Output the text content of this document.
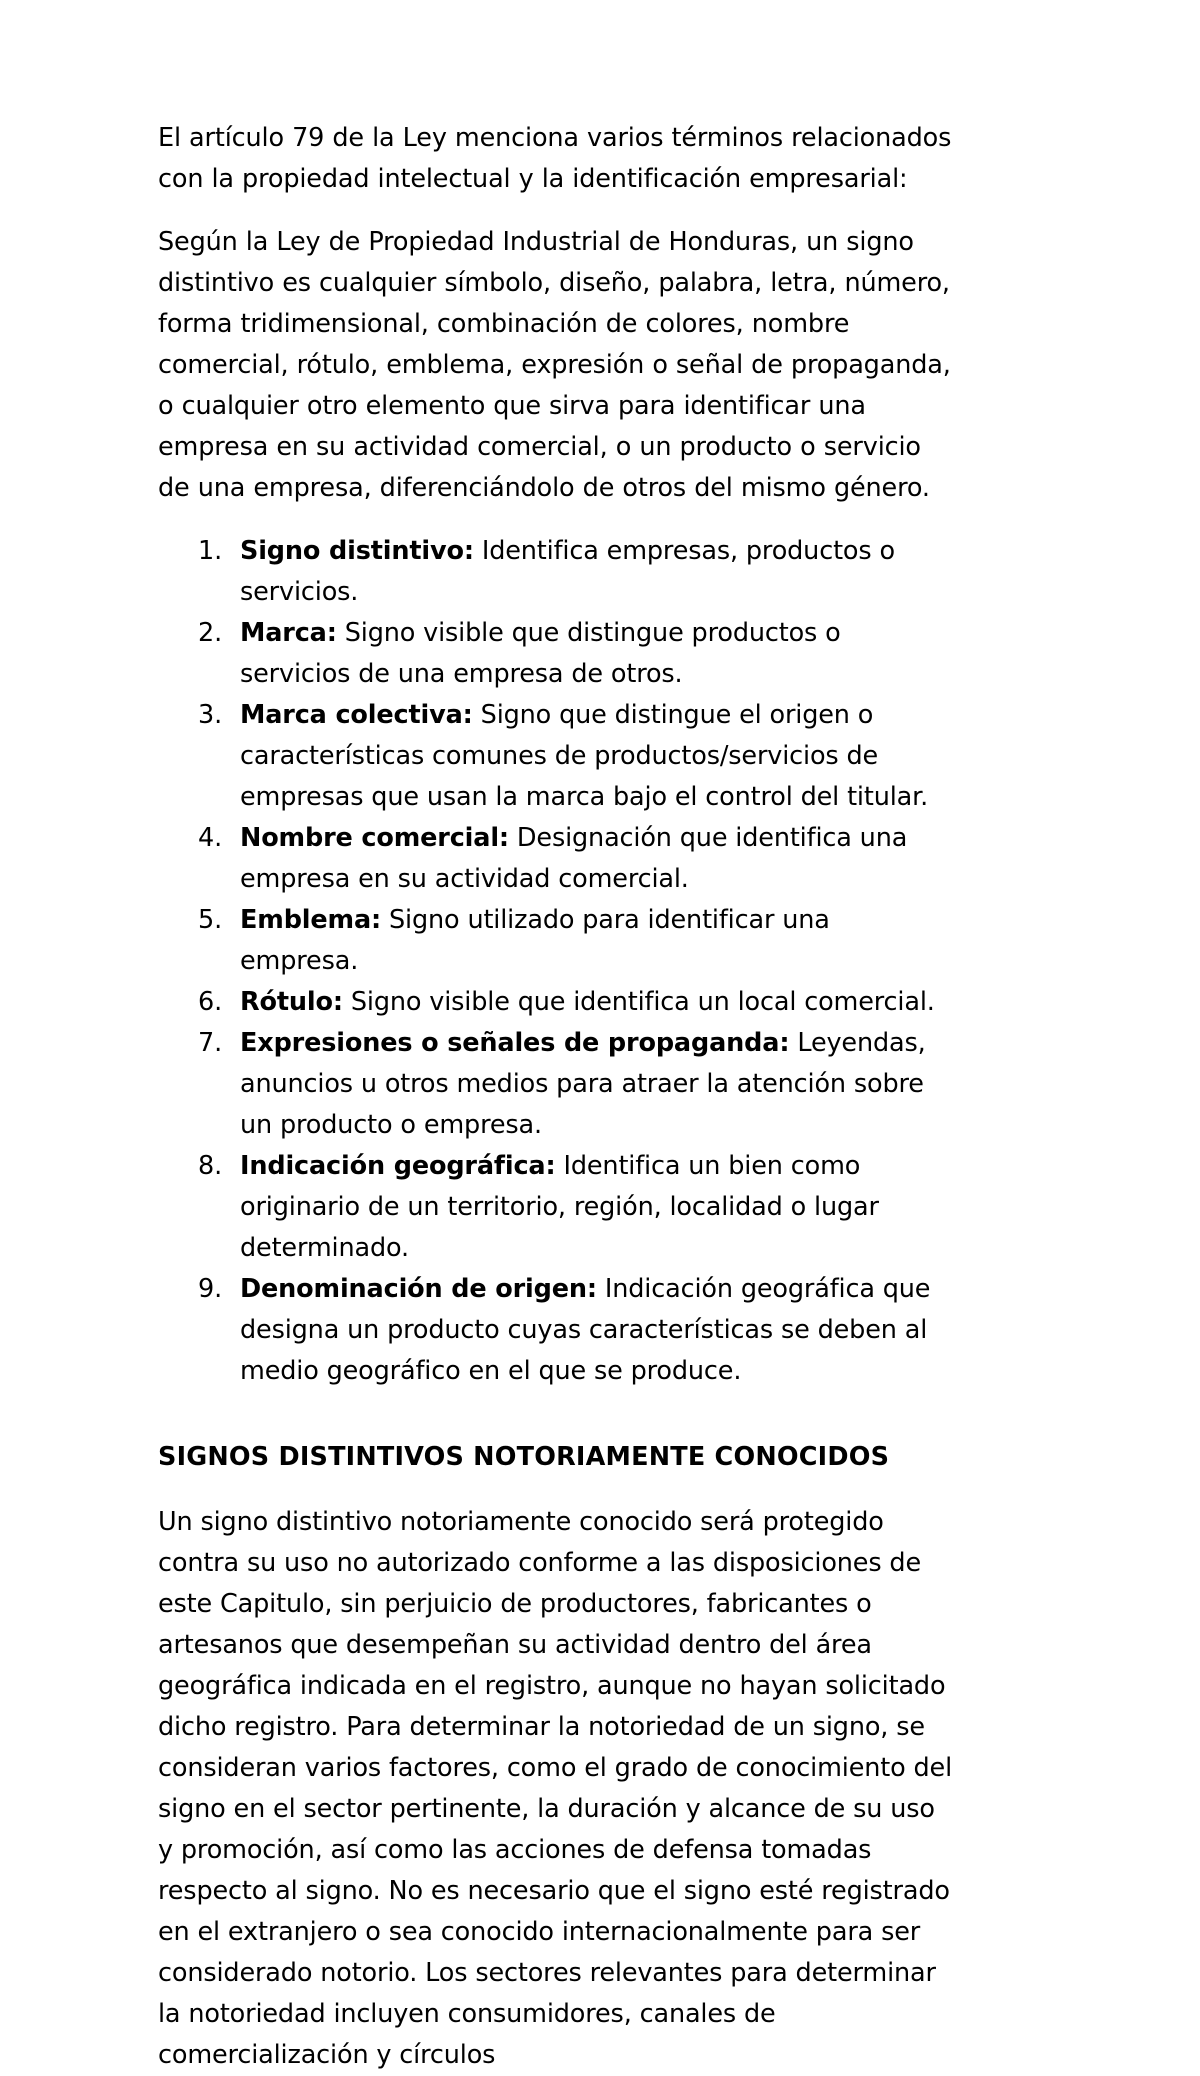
El artículo 79 de la Ley menciona varios términos relacionados con la propiedad intelectual y la identificación empresarial:

Según la Ley de Propiedad Industrial de Honduras, un signo distintivo es cualquier símbolo, diseño, palabra, letra, número, forma tridimensional, combinación de colores, nombre comercial, rótulo, emblema, expresión o señal de propaganda, o cualquier otro elemento que sirva para identificar una empresa en su actividad comercial, o un producto o servicio de una empresa, diferenciándolo de otros del mismo género.

1. Signo distintivo: Identifica empresas, productos o servicios.
2. Marca: Signo visible que distingue productos o servicios de una empresa de otros.
3. Marca colectiva: Signo que distingue el origen o características comunes de productos/servicios de empresas que usan la marca bajo el control del titular.
4. Nombre comercial: Designación que identifica una empresa en su actividad comercial.
5. Emblema: Signo utilizado para identificar una empresa.
6. Rótulo: Signo visible que identifica un local comercial.
7. Expresiones o señales de propaganda: Leyendas, anuncios u otros medios para atraer la atención sobre un producto o empresa.
8. Indicación geográfica: Identifica un bien como originario de un territorio, región, localidad o lugar determinado.
9. Denominación de origen: Indicación geográfica que designa un producto cuyas características se deben al medio geográfico en el que se produce.
SIGNOS DISTINTIVOS NOTORIAMENTE CONOCIDOS

Un signo distintivo notoriamente conocido será protegido contra su uso no autorizado conforme a las disposiciones de este Capitulo, sin perjuicio de productores, fabricantes o artesanos que desempeñan su actividad dentro del área geográfica indicada en el registro, aunque no hayan solicitado dicho registro. Para determinar la notoriedad de un signo, se consideran varios factores, como el grado de conocimiento del signo en el sector pertinente, la duración y alcance de su uso y promoción, así como las acciones de defensa tomadas respecto al signo. No es necesario que el signo esté registrado en el extranjero o sea conocido internacionalmente para ser considerado notorio. Los sectores relevantes para determinar la notoriedad incluyen consumidores, canales de comercialización y círculos
